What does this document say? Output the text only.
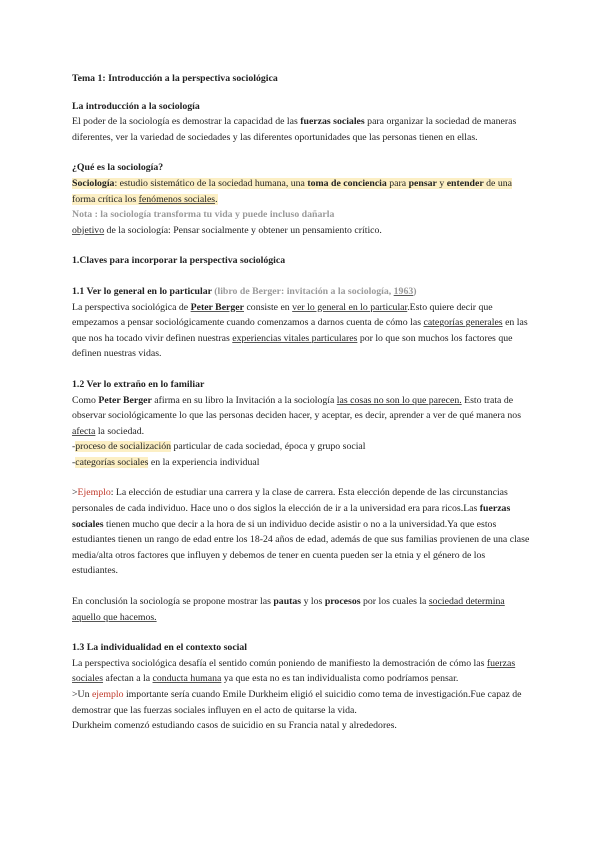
Tema 1: Introducción a la perspectiva sociológica

La introducción a la sociología

El poder de la sociología es demostrar la capacidad de las fuerzas sociales para organizar la sociedad de maneras diferentes, ver la variedad de sociedades y las diferentes oportunidades que las personas tienen en ellas.

¿Qué es la sociología?

Sociología: estudio sistemático de la sociedad humana, una toma de conciencia para pensar y entender de una forma crítica los fenómenos sociales.

Nota : la sociología transforma tu vida y puede incluso dañarla

objetivo de la sociología: Pensar socialmente y obtener un pensamiento crítico.

1.Claves para incorporar la perspectiva sociológica

1.1 Ver lo general en lo particular (libro de Berger: invitación a la sociología, 1963)

La perspectiva sociológica de Peter Berger consiste en ver lo general en lo particular.Esto quiere decir que empezamos a pensar sociológicamente cuando comenzamos a darnos cuenta de cómo las categorías generales en las que nos ha tocado vivir definen nuestras experiencias vitales particulares por lo que son muchos los factores que definen nuestras vidas.

1.2 Ver lo extraño en lo familiar

Como Peter Berger afirma en su libro la Invitación a la sociología las cosas no son lo que parecen. Esto trata de observar sociológicamente lo que las personas deciden hacer, y aceptar, es decir, aprender a ver de qué manera nos afecta la sociedad.

-proceso de socialización particular de cada sociedad, época y grupo social

-categorías sociales en la experiencia individual

>Ejemplo: La elección de estudiar una carrera y la clase de carrera. Esta elección depende de las circunstancias personales de cada individuo. Hace uno o dos siglos la elección de ir a la universidad era para ricos.Las fuerzas sociales tienen mucho que decir a la hora de si un individuo decide asistir o no a la universidad.Ya que estos estudiantes tienen un rango de edad entre los 18-24 años de edad, además de que sus familias provienen de una clase media/alta otros factores que influyen y debemos de tener en cuenta pueden ser la etnia y el género de los estudiantes.

En conclusión la sociología se propone mostrar las pautas y los procesos por los cuales la sociedad determina aquello que hacemos.

1.3 La individualidad en el contexto social

La perspectiva sociológica desafía el sentido común poniendo de manifiesto la demostración de cómo las fuerzas sociales afectan a la conducta humana ya que esta no es tan individualista como podríamos pensar.

>Un ejemplo importante sería cuando Emile Durkheim eligió el suicidio como tema de investigación.Fue capaz de demostrar que las fuerzas sociales influyen en el acto de quitarse la vida.

Durkheim comenzó estudiando casos de suicidio en su Francia natal y alrededores.
